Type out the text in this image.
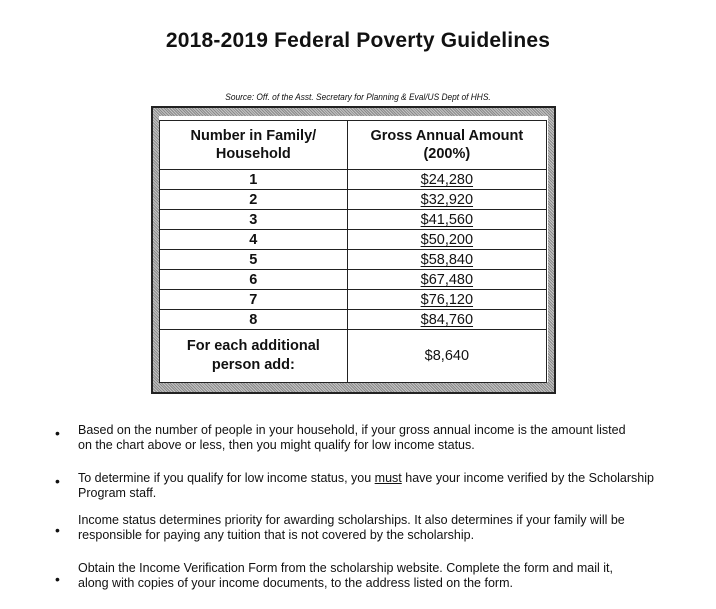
2018-2019 Federal Poverty Guidelines
Source: Off. of the Asst. Secretary for Planning & Eval/US Dept of HHS.
Number in Family/
Household	Gross Annual Amount (200%)
1	$24,280
2	$32,920
3	$41,560
4	$50,200
5	$58,840
6	$67,480
7	$76,120
8	$84,760
For each additional
person add:	$8,640
• Based on the number of people in your household, if your gross annual income is the amount listed
on the chart above or less, then you might qualify for low income status.
• To determine if you qualify for low income status, you must have your income verified by the Scholarship
Program staff.
•
Income status determines priority for awarding scholarships. It also determines if your family will be
responsible for paying any tuition that is not covered by the scholarship.
•
Obtain the Income Verification Form from the scholarship website. Complete the form and mail it,
along with copies of your income documents, to the address listed on the form.
